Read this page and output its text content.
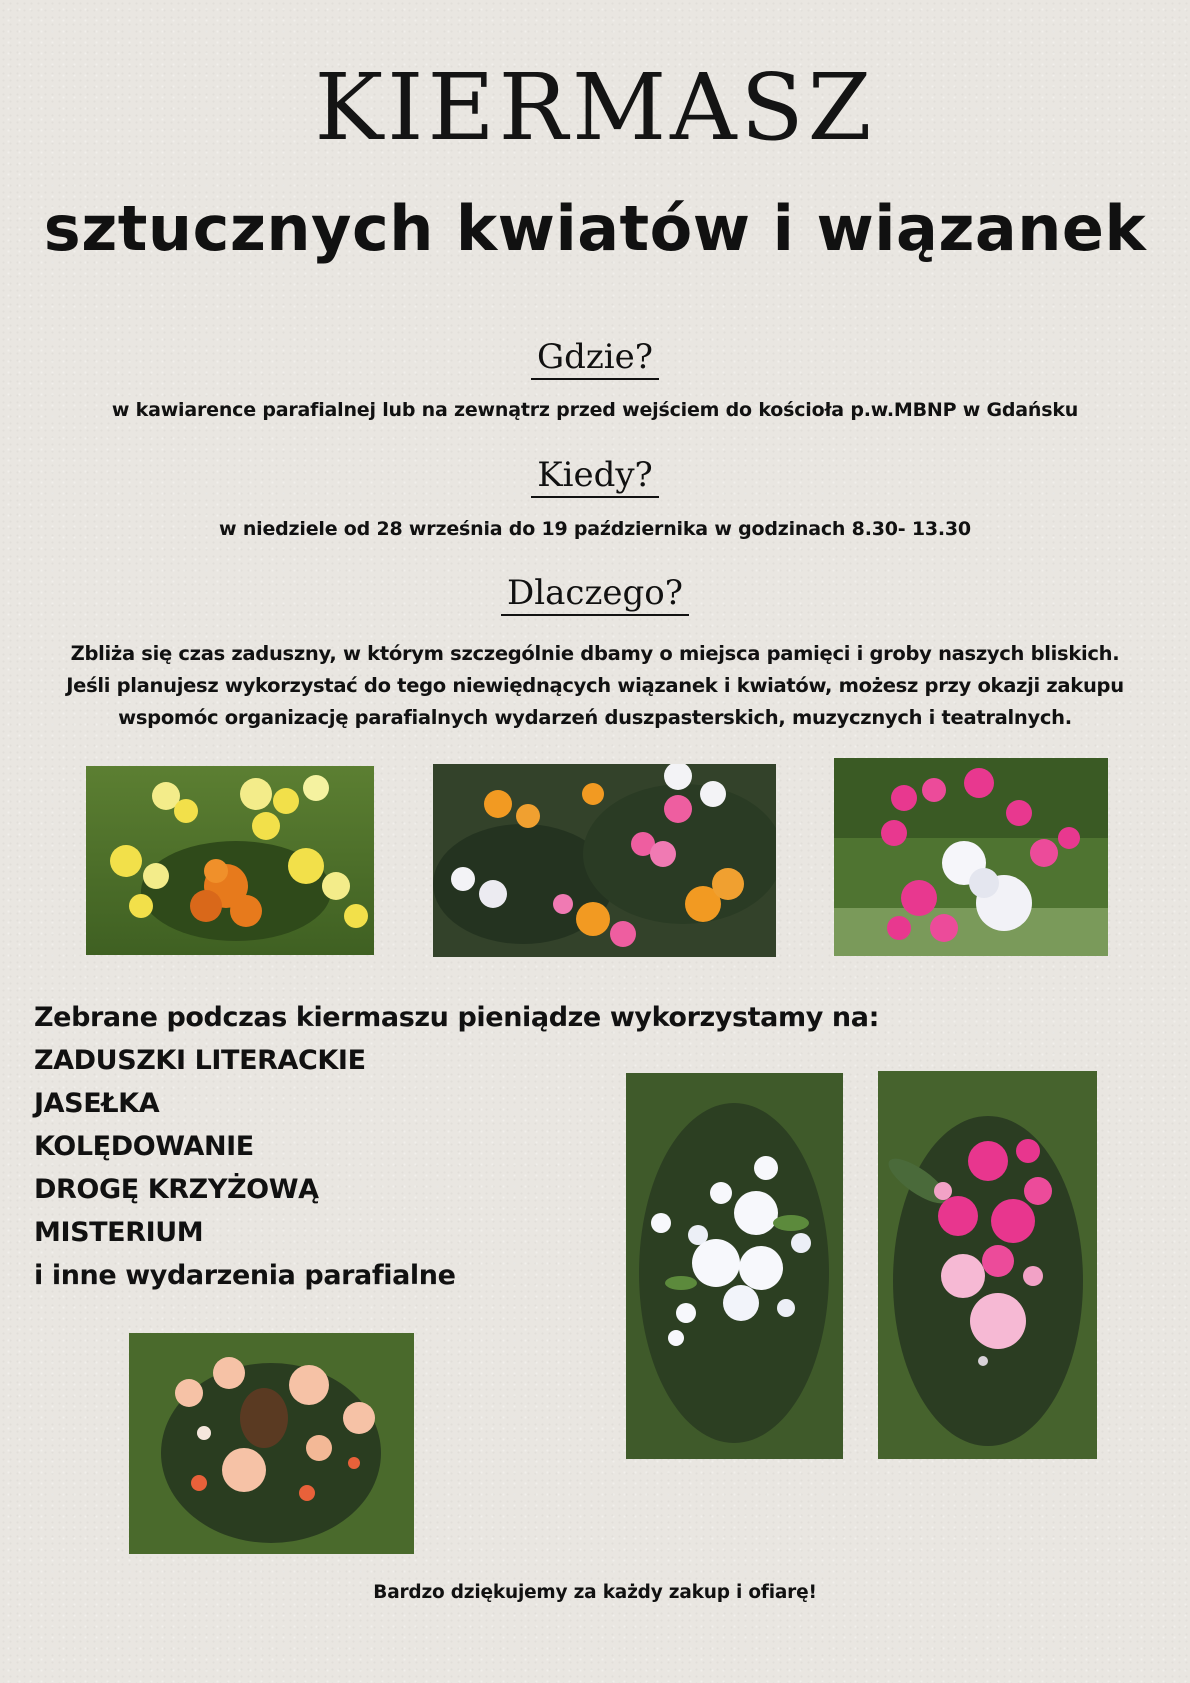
KIERMASZ
sztucznych kwiatów i wiązanek
Gdzie?
w kawiarence parafialnej lub na zewnątrz przed wejściem do kościoła p.w.MBNP w Gdańsku
Kiedy?
w niedziele od 28 września do 19 października w godzinach 8.30- 13.30
Dlaczego?
Zbliża się czas zaduszny, w którym szczególnie dbamy o miejsca pamięci i groby naszych bliskich.
Jeśli planujesz wykorzystać do tego niewiędnących wiązanek i kwiatów, możesz przy okazji zakupu
wspomóc organizację parafialnych wydarzeń duszpasterskich, muzycznych i teatralnych.
Zebrane podczas kiermaszu pieniądze wykorzystamy na:
ZADUSZKI LITERACKIE
JASEŁKA
KOLĘDOWANIE
DROGĘ KRZYŻOWĄ
MISTERIUM
i inne wydarzenia parafialne
Bardzo dziękujemy za każdy zakup i ofiarę!
